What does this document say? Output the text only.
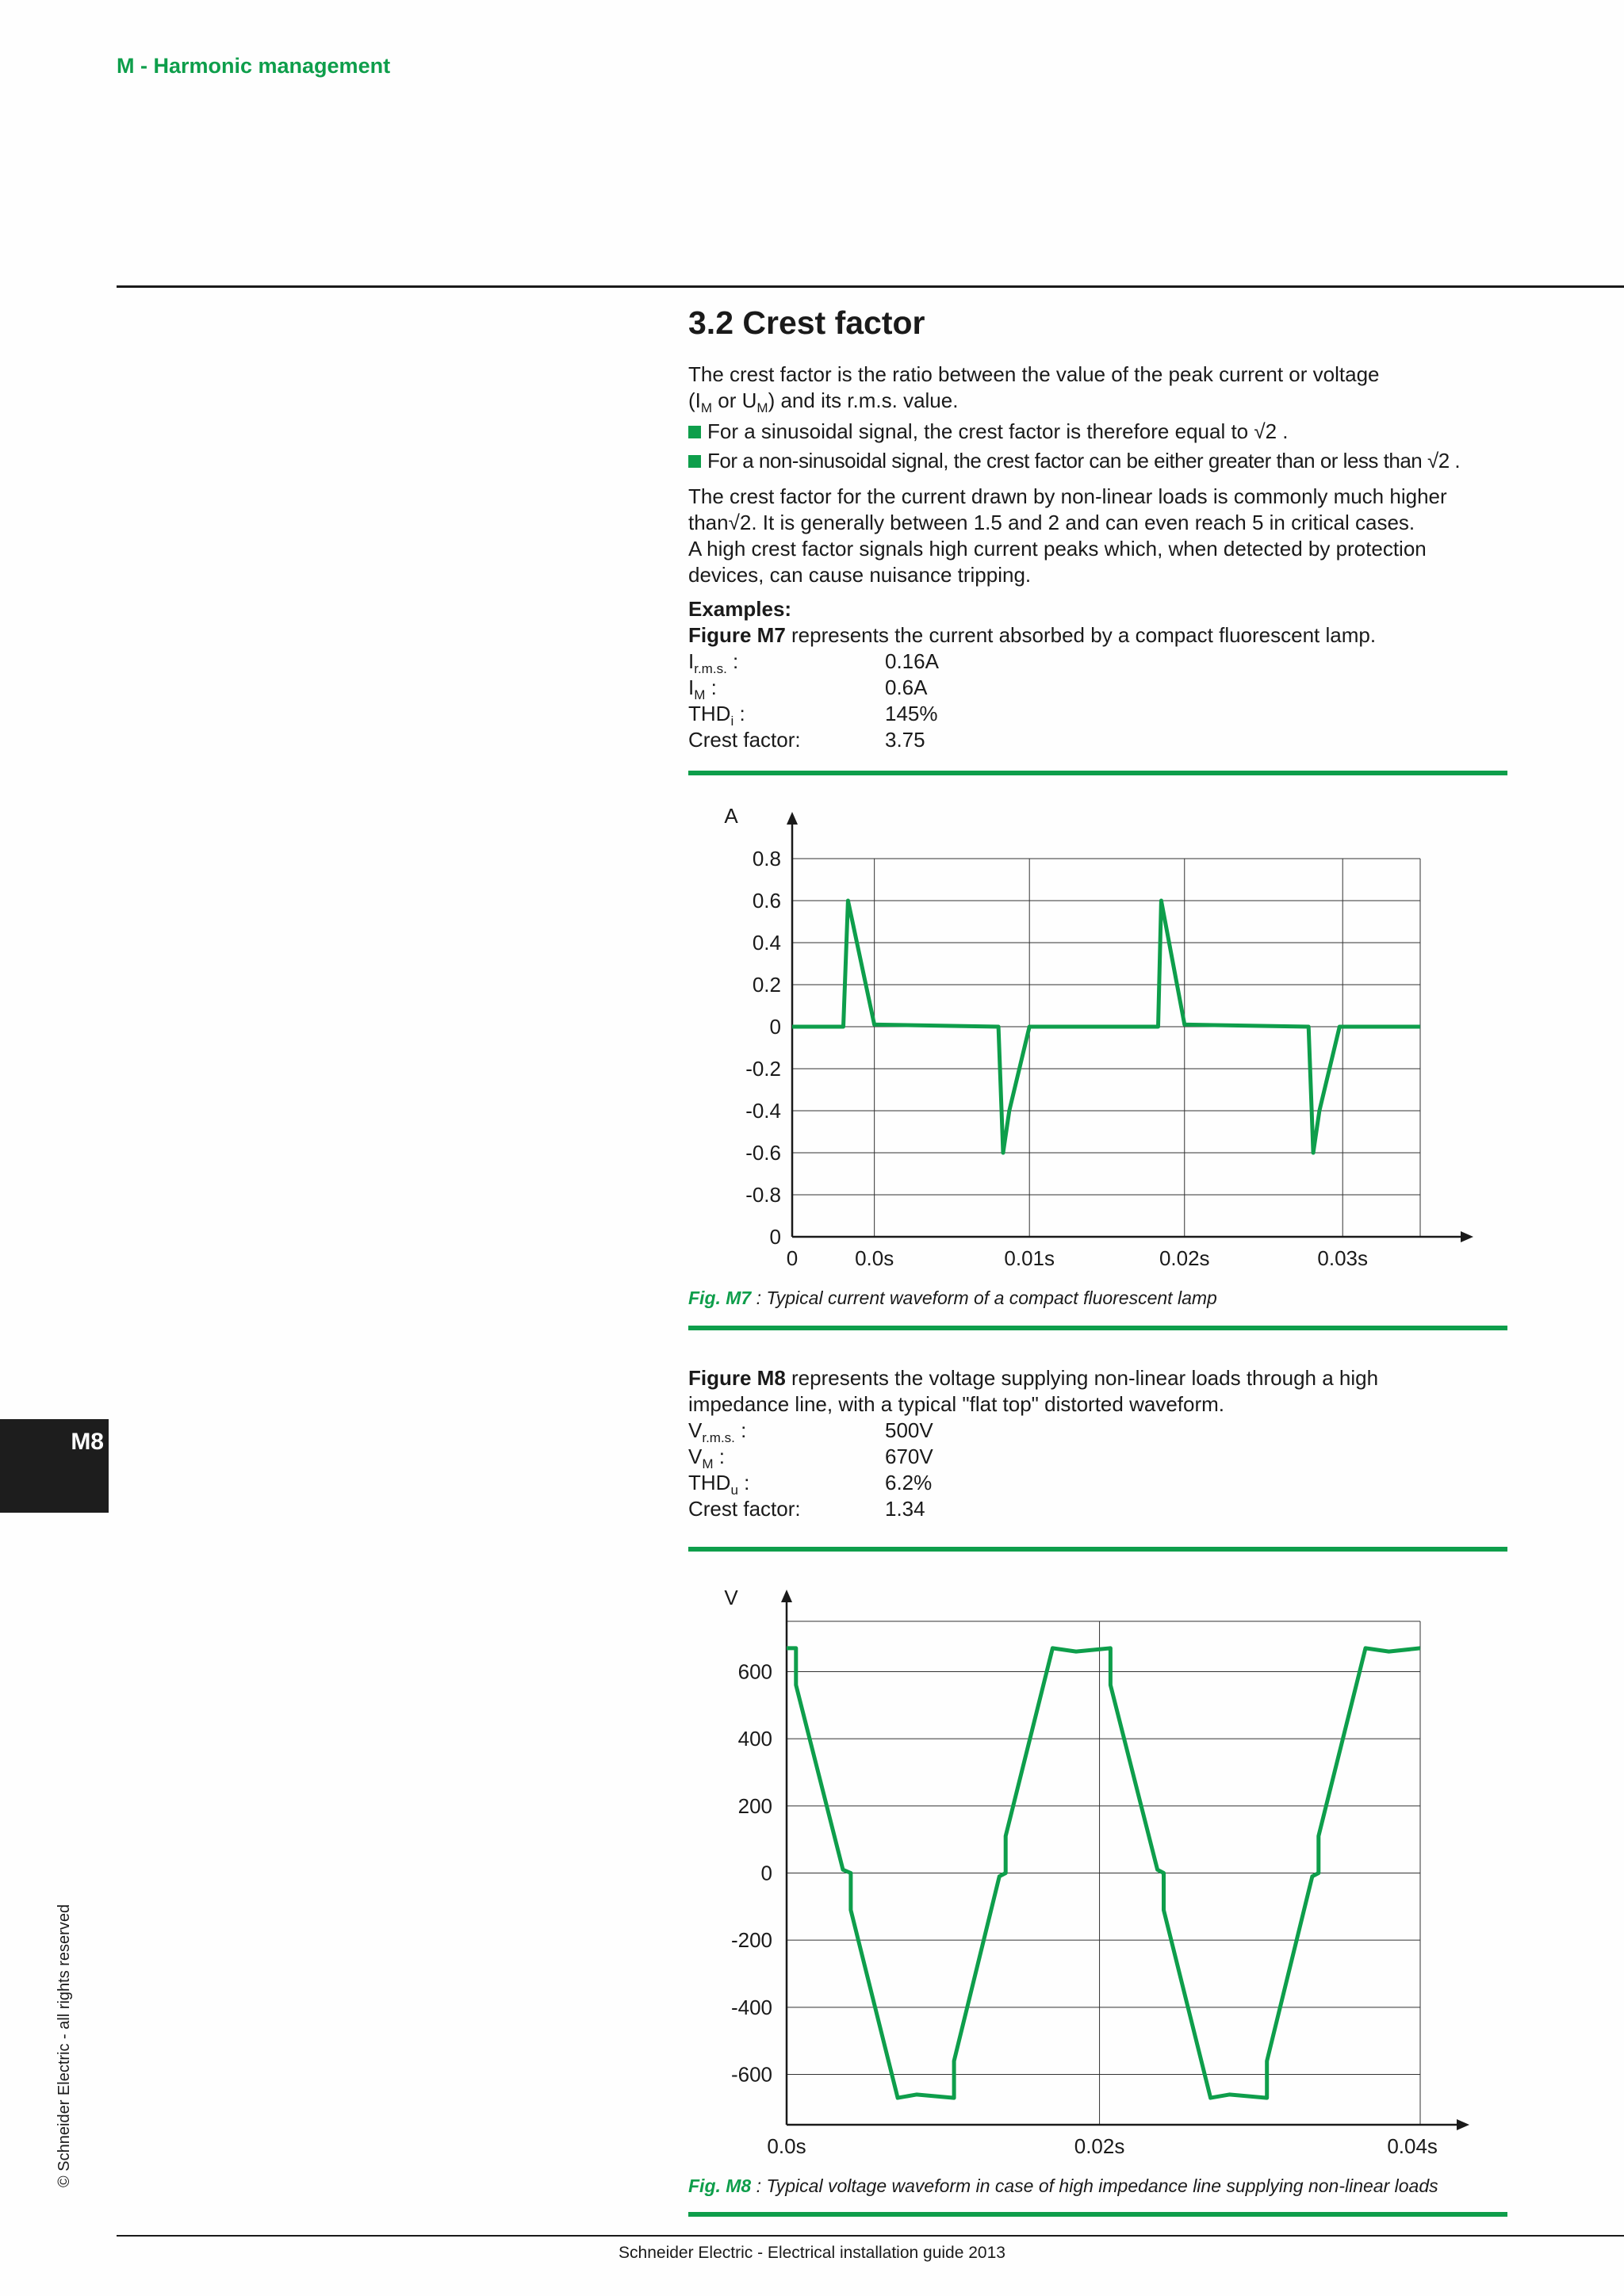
M - Harmonic management
3.2 Crest factor
The crest factor is the ratio between the value of the peak current or voltage
($I_M$ or $U_M$) and its r.m.s. value.
For a sinusoidal signal, the crest factor is therefore equal to √2 .
For a non-sinusoidal signal, the crest factor can be either greater than or less than √2 .
The crest factor for the current drawn by non-linear loads is commonly much higher
than√2. It is generally between 1.5 and 2 and can even reach 5 in critical cases.
A high crest factor signals high current peaks which, when detected by protection
devices, can cause nuisance tripping.
Examples:
Figure M7 represents the current absorbed by a compact fluorescent lamp.
$I_{r.m.s.}$ :	0.16A
$I_M$ :	0.6A
$THD_i$ :	145%
Crest factor:	3.75
0.8
0.6
0.4
0.2
0
-0.2
-0.4
-0.6
-0.8
0
0	0.0s	0.01s	0.02s	0.03s
A
Fig. M7 : Typical current waveform of a compact fluorescent lamp
Figure M8 represents the voltage supplying non-linear loads through a high
impedance line, with a typical "flat top" distorted waveform.
$V_{r.m.s.}$ :	500V
$V_M$ :	670V
$THD_u$ :	6.2%
Crest factor:	1.34
600
400
200
0
-200
-400
-600
0.0s	0.02s	0.04s
V
Fig. M8 : Typical voltage waveform in case of high impedance line supplying non-linear loads
M8
© Schneider Electric - all rights reserved
Schneider Electric - Electrical installation guide 2013
